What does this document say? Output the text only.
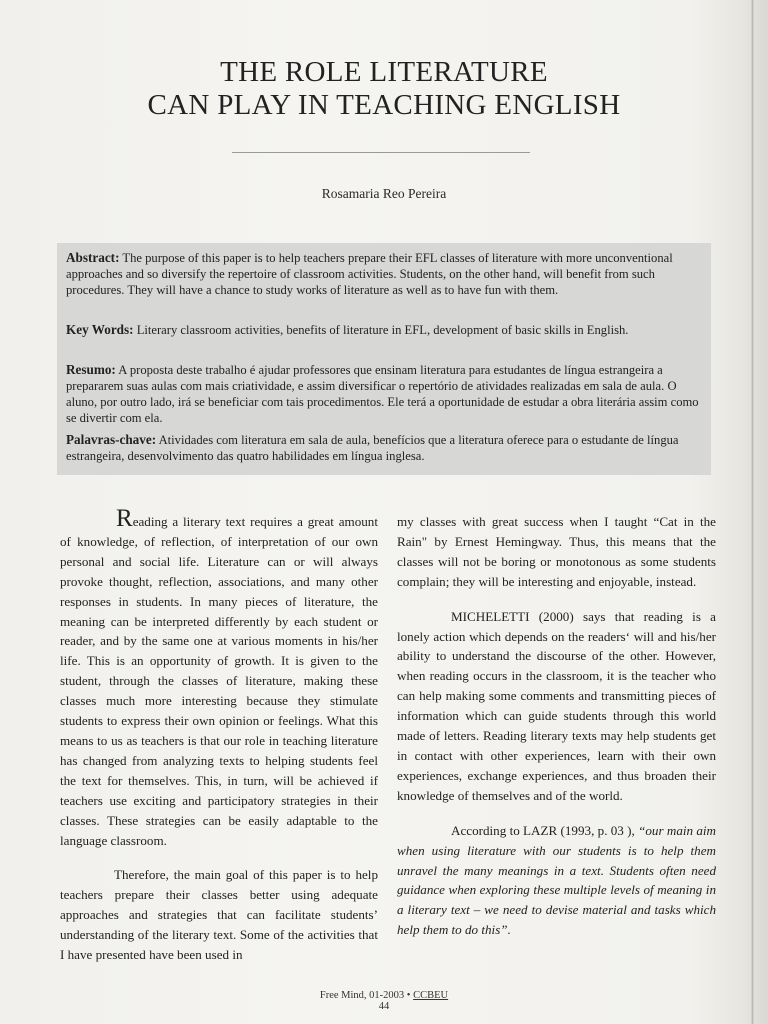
THE ROLE LITERATURE
CAN PLAY IN TEACHING ENGLISH
Rosamaria Reo Pereira
Abstract: The purpose of this paper is to help teachers prepare their EFL classes of literature with more unconventional approaches and so diversify the repertoire of classroom activities. Students, on the other hand, will benefit from such procedures. They will have a chance to study works of literature as well as to have fun with them.
Key Words: Literary classroom activities, benefits of literature in EFL, development of basic skills in English.
Resumo: A proposta deste trabalho é ajudar professores que ensinam literatura para estudantes de língua estrangeira a prepararem suas aulas com mais criatividade, e assim diversificar o repertório de atividades realizadas em sala de aula. O aluno, por outro lado, irá se beneficiar com tais procedimentos. Ele terá a oportunidade de estudar a obra literária assim como se divertir com ela.
Palavras-chave: Atividades com literatura em sala de aula, benefícios que a literatura oferece para o estudante de língua estrangeira, desenvolvimento das quatro habilidades em língua inglesa.

Reading a literary text requires a great amount of knowledge, of reflection, of interpretation of our own personal and social life. Literature can or will always provoke thought, reflection, associations, and many other responses in students. In many pieces of literature, the meaning can be interpreted differently by each student or reader, and by the same one at various moments in his/her life. This is an opportunity of growth. It is given to the student, through the classes of literature, making these classes much more interesting because they stimulate students to express their own opinion or feelings. What this means to us as teachers is that our role in teaching literature has changed from analyzing texts to helping students feel the text for themselves. This, in turn, will be achieved if teachers use exciting and participatory strategies in their classes. These strategies can be easily adaptable to the language classroom.

Therefore, the main goal of this paper is to help teachers prepare their classes better using adequate approaches and strategies that can facilitate students’ understanding of the literary text. Some of the activities that I have presented have been used in

my classes with great success when I taught “Cat in the Rain" by Ernest Hemingway. Thus, this means that the classes will not be boring or monotonous as some students complain; they will be interesting and enjoyable, instead.

MICHELETTI (2000) says that reading is a lonely action which depends on the readers‘ will and his/her ability to understand the discourse of the other. However, when reading occurs in the classroom, it is the teacher who can help making some comments and transmitting pieces of information which can guide students through this world made of letters. Reading literary texts may help students get in contact with other experiences, learn with their own experiences, exchange experiences, and thus broaden their knowledge of themselves and of the world.

According to LAZR (1993, p. 03 ), “our main aim when using literature with our students is to help them unravel the many meanings in a text. Students often need guidance when exploring these multiple levels of meaning in a literary text – we need to devise material and tasks which help them to do this”.

Free Mind, 01-2003 • CCBEU
44
